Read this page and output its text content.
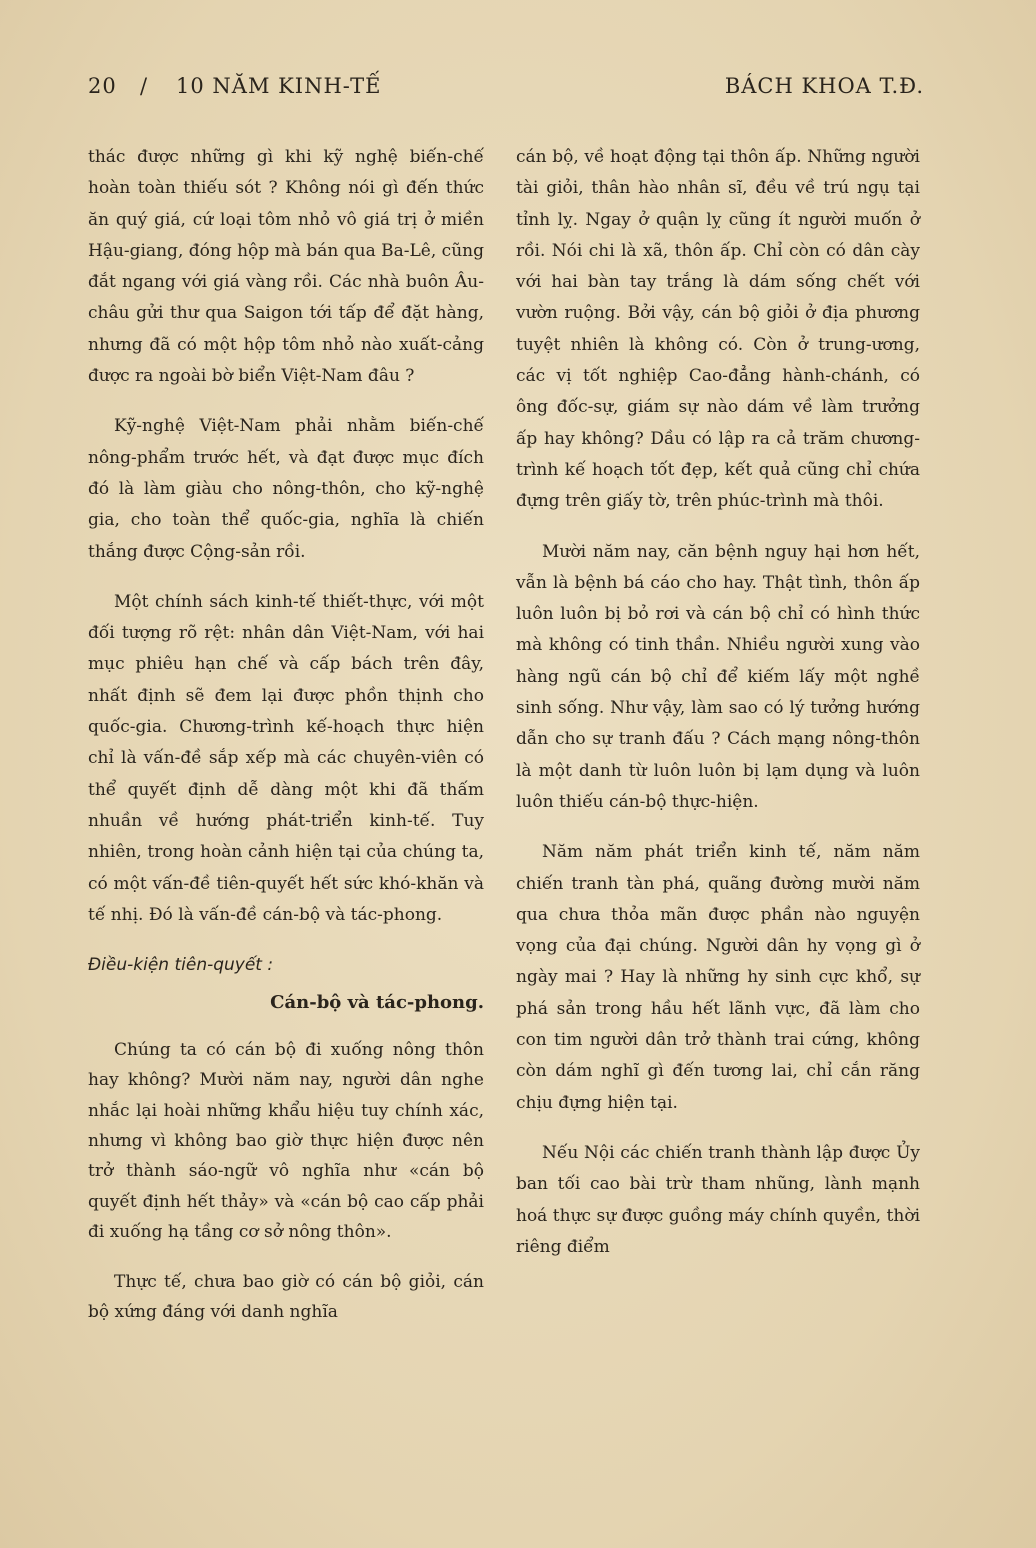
20 / 10 NĂM KINH-TẾ	BÁCH KHOA T.Đ.

thác được những gì khi kỹ nghệ biến-chế hoàn toàn thiếu sót ? Không nói gì đến thức ăn quý giá, cứ loại tôm nhỏ vô giá trị ở miền Hậu-giang, đóng hộp mà bán qua Ba-Lê, cũng đắt ngang với giá vàng rồi. Các nhà buôn Âu-châu gửi thư qua Saigon tới tấp để đặt hàng, nhưng đã có một hộp tôm nhỏ nào xuất-cảng được ra ngoài bờ biển Việt-Nam đâu ?

Kỹ-nghệ Việt-Nam phải nhằm biến-chế nông-phẩm trước hết, và đạt được mục đích đó là làm giàu cho nông-thôn, cho kỹ-nghệ gia, cho toàn thể quốc-gia, nghĩa là chiến thắng được Cộng-sản rồi.

Một chính sách kinh-tế thiết-thực, với một đối tượng rõ rệt: nhân dân Việt-Nam, với hai mục phiêu hạn chế và cấp bách trên đây, nhất định sẽ đem lại được phồn thịnh cho quốc-gia. Chương-trình kế-hoạch thực hiện chỉ là vấn-đề sắp xếp mà các chuyên-viên có thể quyết định dễ dàng một khi đã thấm nhuần về hướng phát-triển kinh-tế. Tuy nhiên, trong hoàn cảnh hiện tại của chúng ta, có một vấn-đề tiên-quyết hết sức khó-khăn và tế nhị. Đó là vấn-đề cán-bộ và tác-phong.

Điều-kiện tiên-quyết :
Cán-bộ và tác-phong.

Chúng ta có cán bộ đi xuống nông thôn hay không? Mười năm nay, người dân nghe nhắc lại hoài những khẩu hiệu tuy chính xác, nhưng vì không bao giờ thực hiện được nên trở thành sáo-ngữ vô nghĩa như «cán bộ quyết định hết thảy» và «cán bộ cao cấp phải đi xuống hạ tầng cơ sở nông thôn».

Thực tế, chưa bao giờ có cán bộ giỏi, cán bộ xứng đáng với danh nghĩa

cán bộ, về hoạt động tại thôn ấp. Những người tài giỏi, thân hào nhân sĩ, đều về trú ngụ tại tỉnh lỵ. Ngay ở quận lỵ cũng ít người muốn ở rồi. Nói chi là xã, thôn ấp. Chỉ còn có dân cày với hai bàn tay trắng là dám sống chết với vườn ruộng. Bởi vậy, cán bộ giỏi ở địa phương tuyệt nhiên là không có. Còn ở trung-ương, các vị tốt nghiệp Cao-đẳng hành-chánh, có ông đốc-sự, giám sự nào dám về làm trưởng ấp hay không? Dầu có lập ra cả trăm chương-trình kế hoạch tốt đẹp, kết quả cũng chỉ chứa đựng trên giấy tờ, trên phúc-trình mà thôi.

Mười năm nay, căn bệnh nguy hại hơn hết, vẫn là bệnh bá cáo cho hay. Thật tình, thôn ấp luôn luôn bị bỏ rơi và cán bộ chỉ có hình thức mà không có tinh thần. Nhiều người xung vào hàng ngũ cán bộ chỉ để kiếm lấy một nghề sinh sống. Như vậy, làm sao có lý tưởng hướng dẫn cho sự tranh đấu ? Cách mạng nông-thôn là một danh từ luôn luôn bị lạm dụng và luôn luôn thiếu cán-bộ thực-hiện.

Năm năm phát triển kinh tế, năm năm chiến tranh tàn phá, quãng đường mười năm qua chưa thỏa mãn được phần nào nguyện vọng của đại chúng. Người dân hy vọng gì ở ngày mai ? Hay là những hy sinh cực khổ, sự phá sản trong hầu hết lãnh vực, đã làm cho con tim người dân trở thành trai cứng, không còn dám nghĩ gì đến tương lai, chỉ cắn răng chịu đựng hiện tại.

Nếu Nội các chiến tranh thành lập được Ủy ban tối cao bài trừ tham nhũng, lành mạnh hoá thực sự được guồng máy chính quyền, thời riêng điểm
